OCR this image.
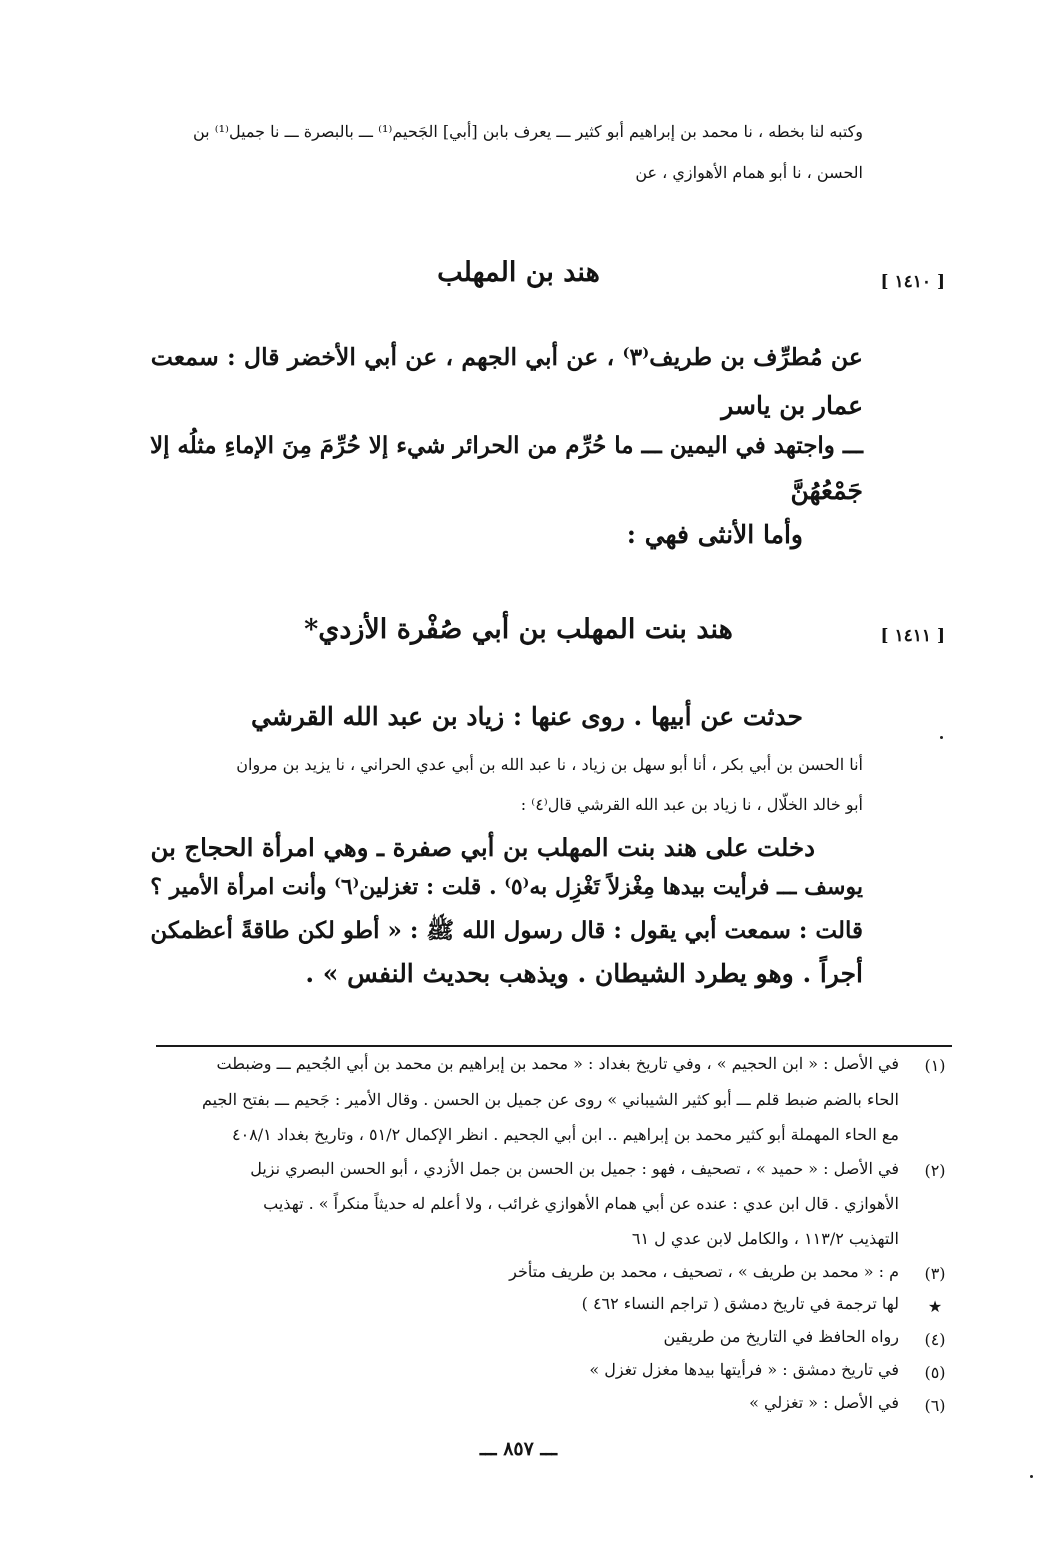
وكتبه لنا بخطه ، نا محمد بن إبراهيم أبو كثير ـــ يعرف بابن [أبي] الجَحيم⁽¹⁾ ـــ بالبصرة ـــ نا جميل⁽¹⁾ بن
الحسن ، نا أبو همام الأهوازي ، عن
[ ١٤١٠ ]
هند بن المهلب
عن مُطرِّف بن طريف⁽٣⁾ ، عن أبي الجهم ، عن أبي الأخضر قال : سمعت
عمار بن ياسر
ـــ واجتهد في اليمين ـــ ما حُرِّم من الحرائر شيء إلا حُرِّمَ مِنَ الإماءِ مثلُه إلا
جَمْعُهُنَّ
وأما الأنثى فهي :
[ ١٤١١ ]
هند بنت المهلب بن أبي صُفْرة الأزدي*
حدثت عن أبيها . روى عنها : زياد بن عبد الله القرشي
أنا الحسن بن أبي بكر ، أنا أبو سهل بن زياد ، نا عبد الله بن أبي عدي الحراني ، نا يزيد بن مروان
أبو خالد الخلّال ، نا زياد بن عبد الله القرشي قال⁽٤⁾ :
دخلت على هند بنت المهلب بن أبي صفرة ـ وهي امرأة الحجاج بن
يوسف ـــ فرأيت بيدها مِغْزلاً تَغْزِل به⁽٥⁾ . قلت : تغزلين⁽٦⁾ وأنت امرأة الأمير ؟
قالت : سمعت أبي يقول : قال رسول الله ﷺ : « أطو لكن طاقةً أعظمكن
أجراً . وهو يطرد الشيطان . ويذهب بحديث النفس » .
(١)
في الأصل : « ابن الحجيم » ، وفي تاريخ بغداد : « محمد بن إبراهيم بن محمد بن أبي الجُحيم ـــ وضبطت
الحاء بالضم ضبط قلم ـــ أبو كثير الشيباني » روى عن جميل بن الحسن . وقال الأمير : جَحيم ـــ بفتح الجيم
مع الحاء المهملة أبو كثير محمد بن إبراهيم .. ابن أبي الجحيم . انظر الإكمال ٥١/٢ ، وتاريخ بغداد ٤٠٨/١
(٢)
في الأصل : « حميد » ، تصحيف ، فهو : جميل بن الحسن بن جمل الأزدي ، أبو الحسن البصري نزيل
الأهوازي . قال ابن عدي : عنده عن أبي همام الأهوازي غرائب ، ولا أعلم له حديثاً منكراً » . تهذيب
التهذيب ١١٣/٢ ، والكامل لابن عدي ل ٦١
(٣)
م : « محمد بن طريف » ، تصحيف ، محمد بن طريف متأخر
★
لها ترجمة في تاريخ دمشق ( تراجم النساء ٤٦٢ )
(٤)
رواه الحافظ في التاريخ من طريقين
(٥)
في تاريخ دمشق : « فرأيتها بيدها مغزل تغزل »
(٦)
في الأصل : « تغزلي »
ـــ ٨٥٧ ـــ
